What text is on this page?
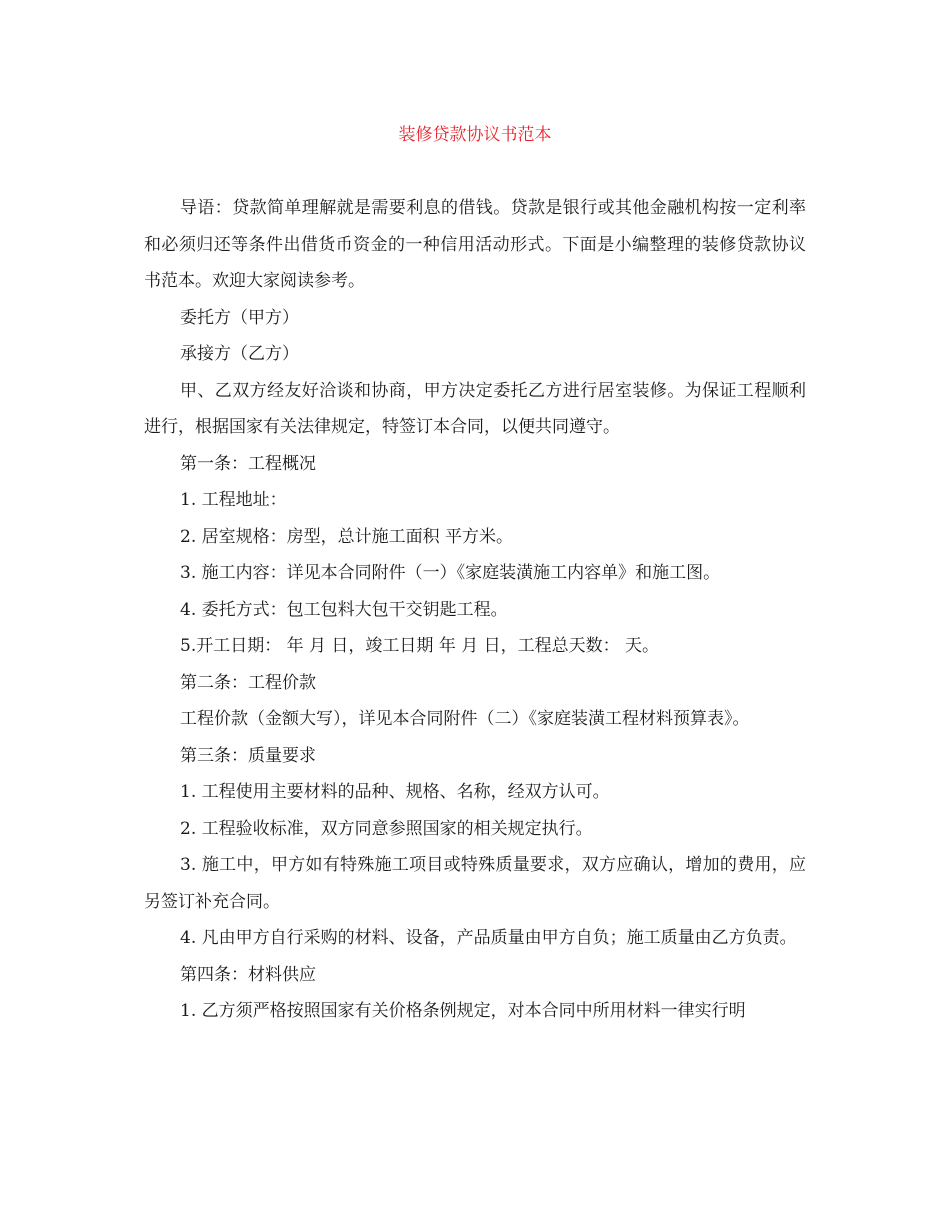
装修贷款协议书范本

导语：贷款简单理解就是需要利息的借钱。贷款是银行或其他金融机构按一定利率和必须归还等条件出借货币资金的一种信用活动形式。下面是小编整理的装修贷款协议书范本。欢迎大家阅读参考。

委托方（甲方）

承接方（乙方）

甲、乙双方经友好洽谈和协商，甲方决定委托乙方进行居室装修。为保证工程顺利进行，根据国家有关法律规定，特签订本合同，以便共同遵守。

第一条：工程概况

1. 工程地址：

2. 居室规格：房型，总计施工面积 平方米。

3. 施工内容：详见本合同附件（一）《家庭装潢施工内容单》和施工图。

4. 委托方式：包工包料大包干交钥匙工程。

5.开工日期： 年 月 日，竣工日期 年 月 日，工程总天数： 天。

第二条：工程价款

工程价款（金额大写），详见本合同附件（二）《家庭装潢工程材料预算表》。

第三条：质量要求

1. 工程使用主要材料的品种、规格、名称，经双方认可。

2. 工程验收标准，双方同意参照国家的相关规定执行。

3. 施工中，甲方如有特殊施工项目或特殊质量要求，双方应确认，增加的费用，应另签订补充合同。

4. 凡由甲方自行采购的材料、设备，产品质量由甲方自负；施工质量由乙方负责。

第四条：材料供应

1. 乙方须严格按照国家有关价格条例规定，对本合同中所用材料一律实行明
